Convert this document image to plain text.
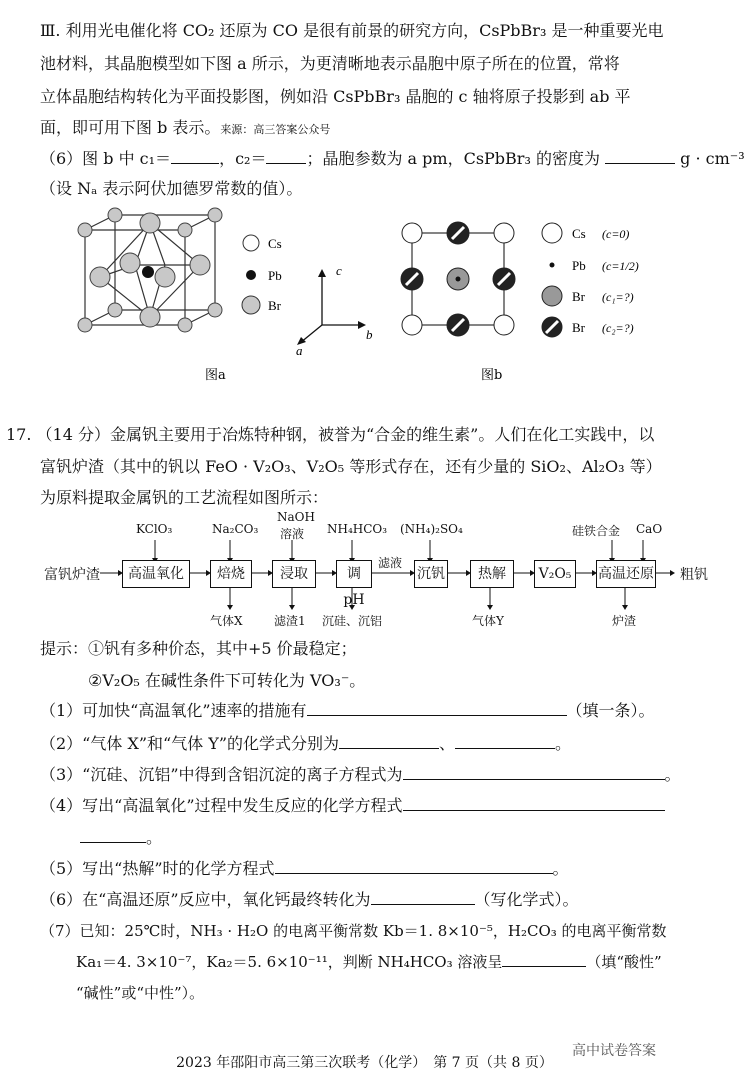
Ⅲ. 利用光电催化将 CO₂ 还原为 CO 是很有前景的研究方向，CsPbBr₃ 是一种重要光电
池材料，其晶胞模型如下图 a 所示，为更清晰地表示晶胞中原子所在的位置，常将
立体晶胞结构转化为平面投影图，例如沿 CsPbBr₃ 晶胞的 c 轴将原子投影到 ab 平
面，即可用下图 b 表示。来源：高三答案公众号
（6）图 b 中 c₁＝	，c₂＝	；晶胞参数为 a pm，CsPbBr₃ 的密度为	g · cm⁻³
（设 Nₐ 表示阿伏加德罗常数的值）。
Cs
Pb
Br
c
b
a
图a
Cs (c=0)
Pb (c=1/2)
Br (c₁=?)
Br (c₂=?)
图b
17. （14 分）金属钒主要用于冶炼特种钢，被誉为“合金的维生素”。人们在化工实践中，以
富钒炉渣（其中的钒以 FeO · V₂O₃、V₂O₅ 等形式存在，还有少量的 SiO₂、Al₂O₃ 等）
为原料提取金属钒的工艺流程如图所示：
富钒炉渣	粗钒
高温氧化	焙烧	浸取	调pH
沉钒	热解	V₂O₅	高温还原
KClO₃	Na₂CO₃
NaOH
溶液 NH₄HCO₃ (NH₄)₂SO₄	硅铁合金 CaO
滤液
气体X	滤渣1 沉硅、沉铝	气体Y	炉渣
提示：①钒有多种价态，其中+5 价最稳定；
②V₂O₅ 在碱性条件下可转化为 VO₃⁻。
（1）可加快“高温氧化”速率的措施有	（填一条）。
（2）“气体 X”和“气体 Y”的化学式分别为	、	。
（3）“沉硅、沉铝”中得到含铝沉淀的离子方程式为	。
（4）写出“高温氧化”过程中发生反应的化学方程式
。
（5）写出“热解”时的化学方程式	。
（6）在“高温还原”反应中，氧化钙最终转化为	（写化学式）。
（7）已知：25℃时，NH₃ · H₂O 的电离平衡常数 Kb＝1. 8×10⁻⁵，H₂CO₃ 的电离平衡常数
Ka₁＝4. 3×10⁻⁷，Ka₂＝5. 6×10⁻¹¹，判断 NH₄HCO₃ 溶液呈	（填“酸性”
“碱性”或“中性”）。
2023 年邵阳市高三第三次联考（化学）　第 7 页（共 8 页）
高中试卷答案
